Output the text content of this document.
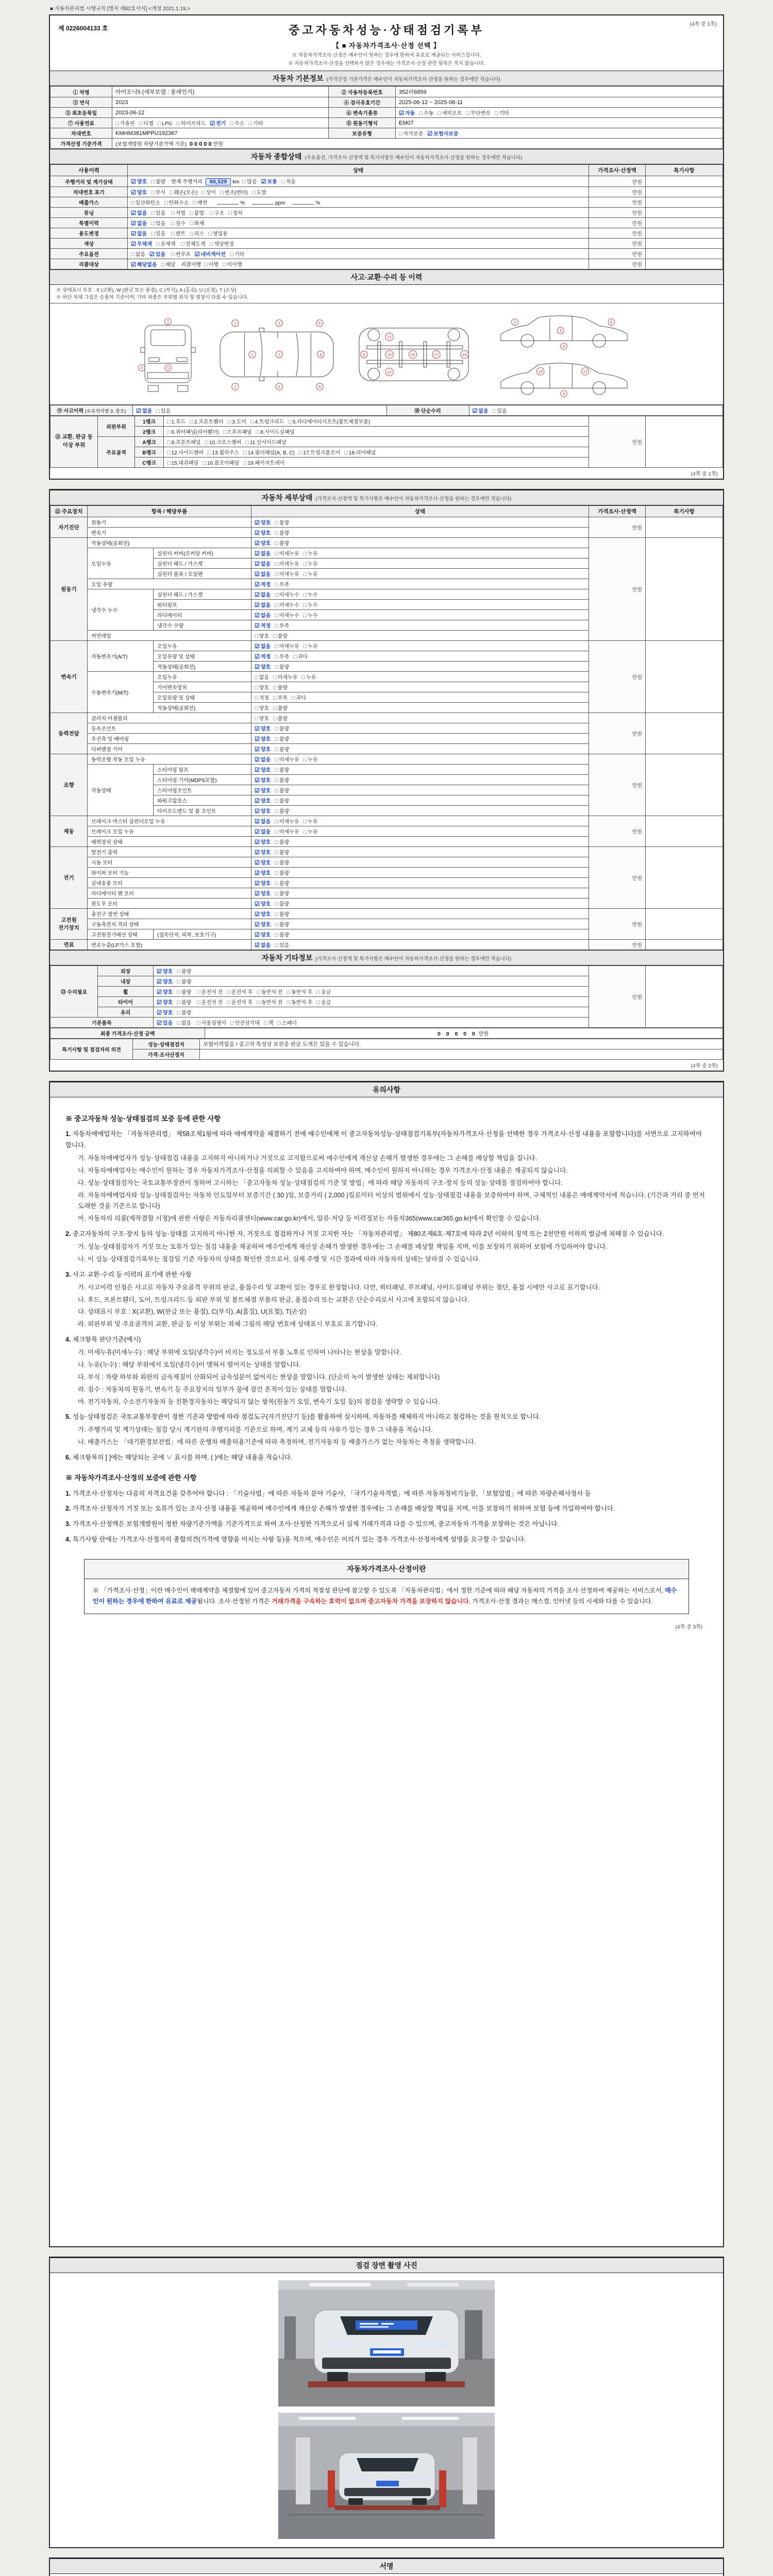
■ 자동차관리법 시행규칙 [별지 제82호서식] <개정 2021.1.19.>
제 0226004133 호
(4쪽 중 1쪽)
중고자동차성능·상태점검기록부
【 ■ 자동차가격조사·산정 선택 】
※ 자동차가격조사·산정은 매수인이 원하는 경우에 한하여 유료로 제공되는 서비스입니다.
※ 자동차가격조사·산정을 선택하지 않은 경우에는 가격조사·산정 관련 항목은 적지 않습니다.
자동차 기본정보 (가격산정 기준가격은 매수인이 자동차가격조사·산정을 원하는 경우에만 적습니다)
① 차명	아이오닉5 (세부모델 : 롱레인지)	② 자동차등록번호	352러6859
③ 연식	2023	④ 검사유효기간	2025-06-12 ~ 2025-08-11
⑤ 최초등록일	2023-06-12	⑥ 변속기종류	☑ 자동 □ 수동 □ 세미오토 □ 무단변속 □ 기타
⑦ 사용연료	□ 가솔린 □ 디젤 □ LPG □ 하이브리드 ☑ 전기 □ 수소 □ 기타	⑧ 원동기형식	EM07
차대번호	KMHM381MPPU192367	보증유형	□ 자가보증 ☑ 보험사보증
가격산정 기준가격	(보험개발원 차량기준가액 기준) 0 0 0 0 0 만원		
자동차 종합상태 (주요옵션, 가격조사·산정액 및 특기사항은 매수인이 자동차가격조사·산정을 원하는 경우에만 적습니다)
사용이력	상태	가격조사·산정액	특기사항
주행거리 및 계기상태	☑ 양호 □ 불량 현재 주행거리 66,529 km □ 많음 ☑ 보통 □ 적음	만원	
차대번호 표기	☑ 양호 □ 부식 □ 훼손(오손) □ 상이 □ 변조(변타) □ 도말	만원	
배출가스	□ 일산화탄소 □ 탄화수소 □ 매연 % ppm %	만원	
튜닝	☑ 없음 □ 있음 □ 적법 □ 불법 □ 구조 □ 장치	만원	
특별이력	☑ 없음 □ 있음 □ 침수 □ 화재	만원	
용도변경	☑ 없음 □ 있음 □ 렌트 □ 리스 □ 영업용	만원	
색상	☑ 무채색 □ 유채색 □ 전체도색 □ 색상변경	만원	
주요옵션	□ 없음 ☑ 있음 □ 썬루프 ☑ 네비게이션 □ 기타	만원	
리콜대상	☑ 해당없음 □ 해당 리콜이행 □ 이행 □ 미이행	만원	
사고·교환·수리 등 이력
※ 상태표시 부호 : X (교환), W (판금 또는 용접), C (부식), A (흠집), U (요철), T (손상)
※ 하단 차체 그림은 승용차 기준이며, 기타 차종은 부위별 위치 및 명칭이 다를 수 있습니다.
1
5
9
1	7	4
2	3	6
2	3	6
9	10	16	17	18
12
12
2
3
6
8
14	13
8
⑨ 사고이력 (※유의사항 3. 참조)	☑ 없음 □ 있음	⑩ 단순수리	☑ 없음 □ 있음
⑪ 교환, 판금 등 이상 부위	외판부위	1랭크	□ 1.후드 □ 2.프론트휀더 □ 3.도어 □ 4.트렁크리드 □ 5.라디에이터서포트(볼트체결부품)	만원	
		2랭크	□ 6.쿼터패널(리어휀더) □ 7.루프패널 □ 8.사이드실패널		
	주요골격	A랭크	□ 9.프론트패널 □ 10.크로스멤버 □ 11.인사이드패널		
		B랭크	□ 12.사이드멤버 □ 13.휠하우스 □ 14.필러패널(A, B, C) □ 17.트렁크플로어 □ 18.리어패널		
		C랭크	□ 15.대쉬패널 □ 16.플로어패널 □ 19.패키지트레이		
(4쪽 중 1쪽)
자동차 세부상태 (가격조사·산정액 및 특기사항은 매수인이 자동차가격조사·산정을 원하는 경우에만 적습니다)
⑫ 주요장치	항목 / 해당부품		상태	가격조사·산정액	특기사항
자기진단	원동기		☑ 양호 □ 불량	만원	
	변속기		☑ 양호 □ 불량		
원동기	작동상태(공회전)		☑ 양호 □ 불량	만원	
	오일누유	실린더 커버(로커암 커버)	☑ 없음 □ 미세누유 □ 누유		
		실린더 헤드 / 가스켓	☑ 없음 □ 미세누유 □ 누유		
		실린더 블록 / 오일팬	☑ 없음 □ 미세누유 □ 누유		
	오일 유량		☑ 적정 □ 부족		
	냉각수 누수	실린더 헤드 / 가스켓	☑ 없음 □ 미세누수 □ 누수		
		워터펌프	☑ 없음 □ 미세누수 □ 누수		
		라디에이터	☑ 없음 □ 미세누수 □ 누수		
		냉각수 수량	☑ 적정 □ 부족		
	커먼레일		□ 양호 □ 불량		
변속기	자동변속기(A/T)	오일누유	☑ 없음 □ 미세누유 □ 누유	만원	
		오일유량 및 상태	☑ 적정 □ 부족 □ 과다		
		작동상태(공회전)	☑ 양호 □ 불량		
	수동변속기(M/T)	오일누유	□ 없음 □ 미세누유 □ 누유		
		기어변속장치	□ 양호 □ 불량		
		오일유량 및 상태	□ 적정 □ 부족 □ 과다		
		작동상태(공회전)	□ 양호 □ 불량		
동력전달	클러치 어셈블리		□ 양호 □ 불량	만원	
	등속조인트		☑ 양호 □ 불량		
	추진축 및 베어링		☑ 양호 □ 불량		
	디퍼렌셜 기어		☑ 양호 □ 불량		
조향	동력조향 작동 오일 누유		☑ 없음 □ 미세누유 □ 누유	만원	
	작동상태	스티어링 펌프	☑ 양호 □ 불량		
		스티어링 기어(MDPS포함)	☑ 양호 □ 불량		
		스티어링조인트	☑ 양호 □ 불량		
		파워고압호스	☑ 양호 □ 불량		
		타이로드엔드 및 볼 조인트	☑ 양호 □ 불량		
제동	브레이크 마스터 실린더오일 누유		☑ 없음 □ 미세누유 □ 누유	만원	
	브레이크 오일 누유		☑ 없음 □ 미세누유 □ 누유		
	배력장치 상태		☑ 양호 □ 불량		
전기	발전기 출력		☑ 양호 □ 불량	만원	
	시동 모터		☑ 양호 □ 불량		
	와이퍼 모터 기능		☑ 양호 □ 불량		
	실내송풍 모터		☑ 양호 □ 불량		
	라디에이터 팬 모터		☑ 양호 □ 불량		
	윈도우 모터		☑ 양호 □ 불량		
고전원 전기장치	충전구 절연 상태		☑ 양호 □ 불량	만원	
	구동축전지 격리 상태		☑ 양호 □ 불량		
	고전원전기배선 상태	(접속단자, 피복, 보호기구)	☑ 양호 □ 불량		
연료	연료누출(LP가스 포함)		☑ 없음 □ 있음	만원	
자동차 기타정보 (가격조사·산정액 및 특기사항은 매수인이 자동차가격조사·산정을 원하는 경우에만 적습니다)
⑬ 수리필요	외장	☑ 양호 □ 불량	만원	
	내장	☑ 양호 □ 불량		
	휠	☑ 양호 □ 불량 □ 운전석 전 □ 운전석 후 □ 동반석 전 □ 동반석 후 □ 응급		
	타이어	☑ 양호 □ 불량 □ 운전석 전 □ 운전석 후 □ 동반석 전 □ 동반석 후 □ 응급		
	유리	☑ 양호 □ 불량		
기본품목		☑ 있음 □ 없음 □ 사용설명서 □ 안전삼각대 □ 잭 □ 스패너		
최종 가격조사·산정 금액	0 0 0 0 0 만원
특기사항 및 점검자의 의견	성능·상태점검자	보험이력없음 / 중고차 특성상 보관중 판금 도색은 있을 수 있습니다.
	가격·조사산정자	
(4쪽 중 2쪽)
유의사항
※ 중고자동차 성능·상태점검의 보증 등에 관한 사항

1. 자동차매매업자는 「자동차관리법」 제58조제1항에 따라 매매계약을 체결하기 전에 매수인에게 이 중고자동차성능·상태점검기록부(자동차가격조사·산정을 선택한 경우 가격조사·산정 내용을 포함합니다)를 서면으로 고지하여야 합니다.

가. 자동차매매업자가 성능·상태점검 내용을 고지하지 아니하거나 거짓으로 고지함으로써 매수인에게 재산상 손해가 발생한 경우에는 그 손해를 배상할 책임을 집니다.

나. 자동차매매업자는 매수인이 원하는 경우 자동차가격조사·산정을 의뢰할 수 있음을 고지하여야 하며, 매수인이 원하지 아니하는 경우 가격조사·산정 내용은 제공되지 않습니다.

다. 성능·상태점검자는 국토교통부장관이 정하여 고시하는 「중고자동차 성능·상태점검의 기준 및 방법」에 따라 해당 자동차의 구조·장치 등의 성능·상태를 점검하여야 합니다.

라. 자동차매매업자와 성능·상태점검자는 자동차 인도일부터 보증기간 ( 30 )일, 보증거리 ( 2,000 )킬로미터 이상의 범위에서 성능·상태점검 내용을 보증하여야 하며, 구체적인 내용은 매매계약서에 적습니다. (기간과 거리 중 먼저 도래한 것을 기준으로 합니다)

마. 자동차의 리콜(제작결함 시정)에 관한 사항은 자동차리콜센터(www.car.go.kr)에서, 압류·저당 등 이력정보는 자동차365(www.car365.go.kr)에서 확인할 수 있습니다.

2. 중고자동차의 구조·장치 등의 성능·상태를 고지하지 아니한 자, 거짓으로 점검하거나 거짓 고지한 자는 「자동차관리법」 제80조제6호·제7호에 따라 2년 이하의 징역 또는 2천만원 이하의 벌금에 처해질 수 있습니다.

가. 성능·상태점검자가 거짓 또는 오류가 있는 점검 내용을 제공하여 매수인에게 재산상 손해가 발생한 경우에는 그 손해를 배상할 책임을 지며, 이를 보장하기 위하여 보험에 가입하여야 합니다.

나. 이 성능·상태점검기록부는 점검일 기준 자동차의 상태를 확인한 것으로서, 실제 주행 및 시간 경과에 따라 자동차의 상태는 달라질 수 있습니다.

3. 사고·교환·수리 등 이력의 표기에 관한 사항

가. 사고이력 인정은 사고로 자동차 주요골격 부위의 판금, 용접수리 및 교환이 있는 경우로 한정합니다. 다만, 쿼터패널, 루프패널, 사이드실패널 부위는 절단, 용접 시에만 사고로 표기합니다.

나. 후드, 프론트휀더, 도어, 트렁크리드 등 외판 부위 및 볼트체결 부품의 판금, 용접수리 또는 교환은 단순수리로서 사고에 포함되지 않습니다.

다. 상태표시 부호 : X(교환), W(판금 또는 용접), C(부식), A(흠집), U(요철), T(손상)

라. 외판부위 및 주요골격의 교환, 판금 등 이상 부위는 차체 그림의 해당 번호에 상태표시 부호로 표기합니다.

4. 체크항목 판단기준(예시)

가. 미세누유(미세누수) : 해당 부위에 오일(냉각수)이 비치는 정도로서 부품 노후로 인하여 나타나는 현상을 말합니다.

나. 누유(누수) : 해당 부위에서 오일(냉각수)이 맺혀서 떨어지는 상태를 말합니다.

다. 부식 : 차량 하부와 외판의 금속재질이 산화되어 금속성분이 없어지는 현상을 말합니다. (단순히 녹이 발생한 상태는 제외합니다)

라. 침수 : 자동차의 원동기, 변속기 등 주요장치의 일부가 물에 잠긴 흔적이 있는 상태를 말합니다.

마. 전기자동차, 수소전기자동차 등 친환경자동차는 해당되지 않는 항목(원동기 오일, 변속기 오일 등)의 점검을 생략할 수 있습니다.

5. 성능·상태점검은 국토교통부장관이 정한 기준과 방법에 따라 점검도구(자기진단기 등)를 활용하여 실시하며, 자동차를 해체하지 아니하고 점검하는 것을 원칙으로 합니다.

가. 주행거리 및 계기상태는 점검 당시 계기판의 주행거리를 기준으로 하며, 계기 교체 등의 사유가 있는 경우 그 내용을 적습니다.

나. 배출가스는 「대기환경보전법」에 따른 운행차 배출허용기준에 따라 측정하며, 전기자동차 등 배출가스가 없는 자동차는 측정을 생략합니다.

6. 체크항목의 [ ]에는 해당되는 곳에 ∨ 표시를 하며, ( )에는 해당 내용을 적습니다.

※ 자동차가격조사·산정의 보증에 관한 사항

1. 가격조사·산정자는 다음의 자격요건을 갖추어야 합니다 : 「기술사법」에 따른 자동차 분야 기술사, 「국가기술자격법」에 따른 자동차정비기능장, 「보험업법」에 따른 차량손해사정사 등

2. 가격조사·산정자가 거짓 또는 오류가 있는 조사·산정 내용을 제공하여 매수인에게 재산상 손해가 발생한 경우에는 그 손해를 배상할 책임을 지며, 이를 보장하기 위하여 보험 등에 가입하여야 합니다.

3. 가격조사·산정액은 보험개발원이 정한 차량기준가액을 기준가격으로 하여 조사·산정한 가격으로서 실제 거래가격과 다를 수 있으며, 중고자동차 가격을 보장하는 것은 아닙니다.

4. 특기사항 란에는 가격조사·산정자의 종합의견(가격에 영향을 미치는 사항 등)을 적으며, 매수인은 이의가 있는 경우 가격조사·산정자에게 설명을 요구할 수 있습니다.

자동차가격조사·산정이란
※ 「가격조사·산정」이란 매수인이 매매계약을 체결함에 있어 중고자동차 가격의 적절성 판단에 참고할 수 있도록 「자동차관리법」에서 정한 기준에 따라 해당 자동차의 가격을 조사·산정하여 제공하는 서비스로서, 매수인이 원하는 경우에 한하여 유료로 제공됩니다. 조사·산정된 가격은 거래가격을 구속하는 효력이 없으며 중고자동차 가격을 보장하지 않습니다. 가격조사·산정 결과는 매스컴, 인터넷 등의 시세와 다를 수 있습니다.
(4쪽 중 3쪽)
점검 장면 촬영 사진
서명
